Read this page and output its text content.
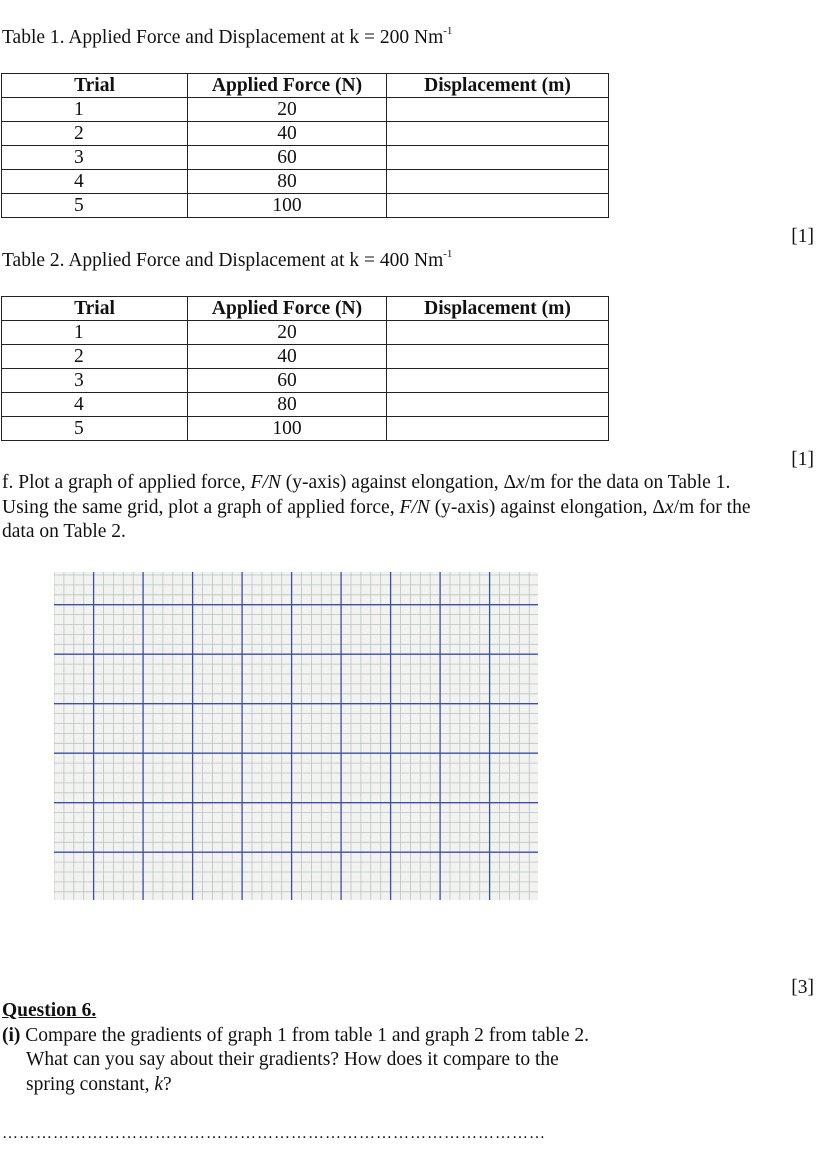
Table 1. Applied Force and Displacement at k = 200 $Nm^{-1}$
Trial	Applied Force (N)	Displacement (m)
1	20	
2	40	
3	60	
4	80	
5	100	
[1]
Table 2. Applied Force and Displacement at k = 400 $Nm^{-1}$
Trial	Applied Force (N)	Displacement (m)
1	20	
2	40	
3	60	
4	80	
5	100	
[1]
f. Plot a graph of applied force, F/N (y-axis) against elongation, Δx/m for the data on Table 1.
Using the same grid, plot a graph of applied force, F/N (y-axis) against elongation, Δx/m for the
data on Table 2.
[3]
Question 6.
(i) Compare the gradients of graph 1 from table 1 and graph 2 from table 2.
What can you say about their gradients? How does it compare to the
spring constant, k?
……………………………………………………………………………………
